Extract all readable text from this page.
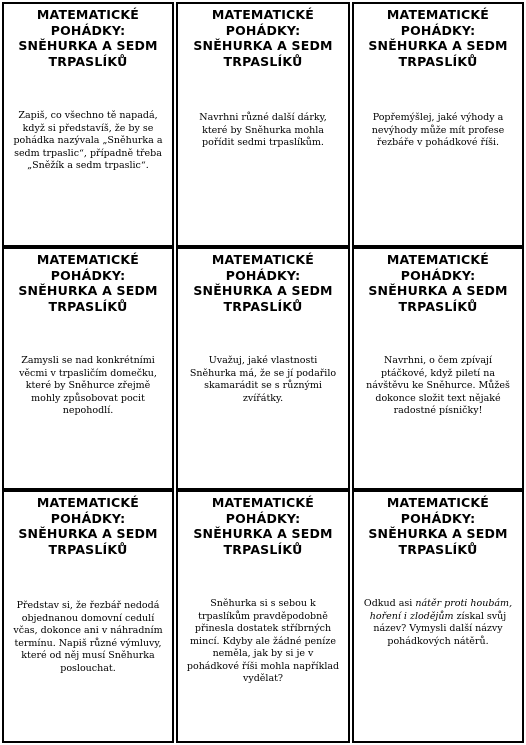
MATEMATICKÉ
POHÁDKY:
SNĚHURKA A SEDM
TRPASLÍKŮ
Zapiš, co všechno tě napadá, když si představíš, že by se pohádka nazývala „Sněhurka a sedm trpaslic“, případně třeba „Sněžík a sedm trpaslic“.
MATEMATICKÉ
POHÁDKY:
SNĚHURKA A SEDM
TRPASLÍKŮ
Navrhni různé další dárky, které by Sněhurka mohla pořídit sedmi trpaslíkům.
MATEMATICKÉ
POHÁDKY:
SNĚHURKA A SEDM
TRPASLÍKŮ
Popřemýšlej, jaké výhody a nevýhody může mít profese řezbáře v pohádkové říši.
MATEMATICKÉ
POHÁDKY:
SNĚHURKA A SEDM
TRPASLÍKŮ
Zamysli se nad konkrétními věcmi v trpasličím domečku, které by Sněhurce zřejmě mohly způsobovat pocit nepohodlí.
MATEMATICKÉ
POHÁDKY:
SNĚHURKA A SEDM
TRPASLÍKŮ
Uvažuj, jaké vlastnosti Sněhurka má, že se jí podařilo skamarádit se s různými zvířátky.
MATEMATICKÉ
POHÁDKY:
SNĚHURKA A SEDM
TRPASLÍKŮ
Navrhni, o čem zpívají ptáčkové, když piletí na návštěvu ke Sněhurce. Můžeš dokonce složit text nějaké radostné písničky!
MATEMATICKÉ
POHÁDKY:
SNĚHURKA A SEDM
TRPASLÍKŮ
Představ si, že řezbář nedodá objednanou domovní cedulí včas, dokonce ani v náhradním termínu. Napiš různé výmluvy, které od něj musí Sněhurka poslouchat.
MATEMATICKÉ
POHÁDKY:
SNĚHURKA A SEDM
TRPASLÍKŮ
Sněhurka si s sebou k trpaslíkům pravděpodobně přinesla dostatek stříbrných mincí. Kdyby ale žádné peníze neměla, jak by si je v pohádkové říši mohla například vydělat?
MATEMATICKÉ
POHÁDKY:
SNĚHURKA A SEDM
TRPASLÍKŮ
Odkud asi nátěr proti houbám, hoření i zlodějům získal svůj název? Vymysli další názvy pohádkových nátěrů.
